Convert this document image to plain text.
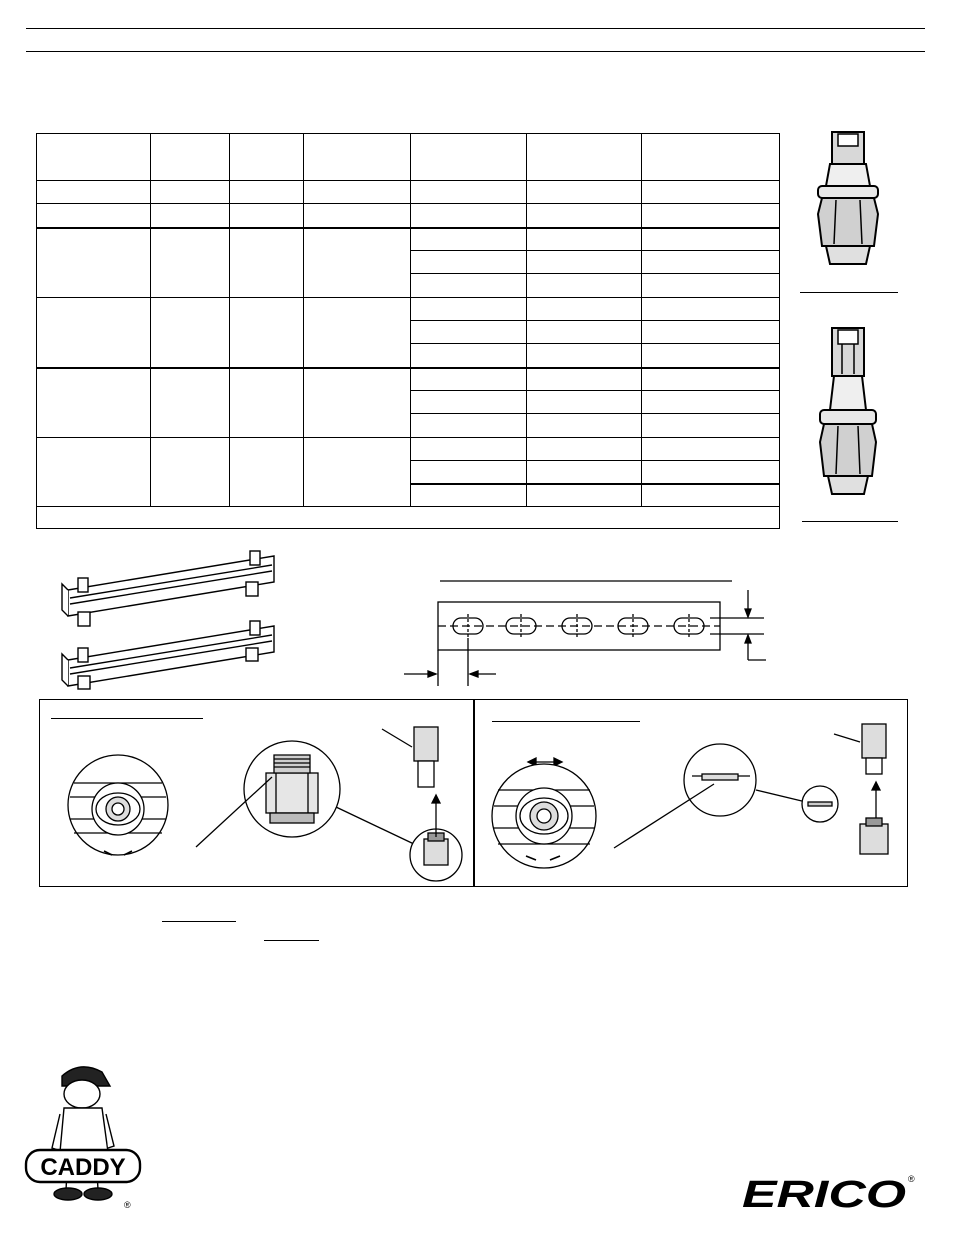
CADDY
®	ERICO ®
